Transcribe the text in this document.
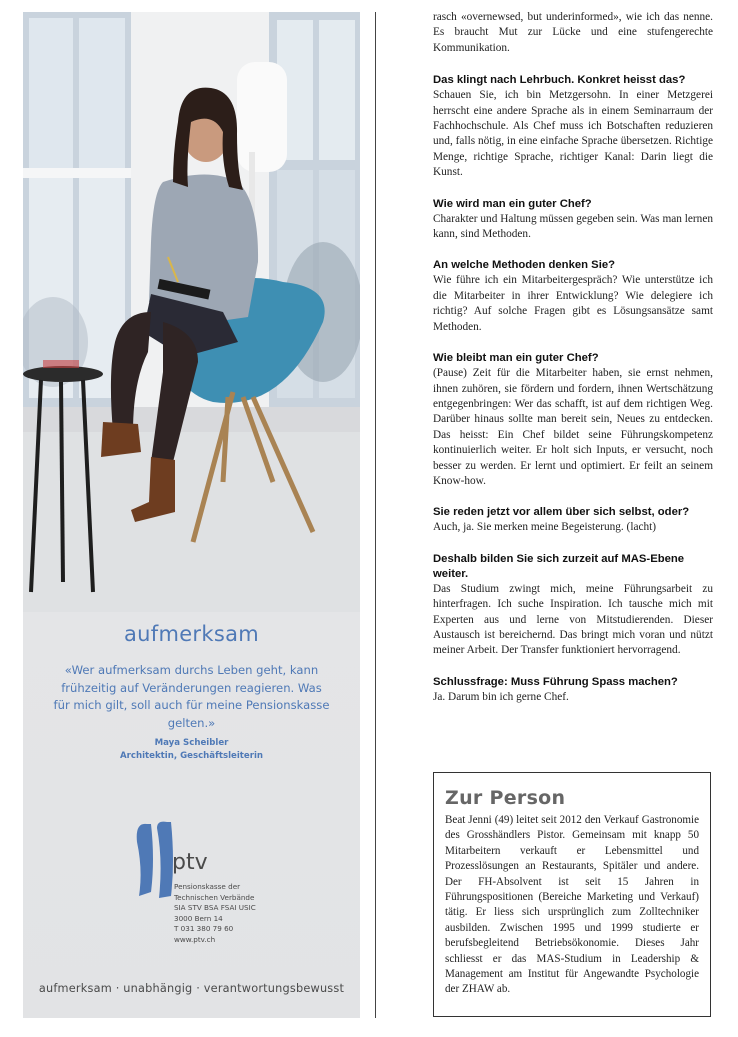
aufmerksam
«Wer aufmerksam durchs Leben geht, kann frühzeitig auf Veränderungen reagieren. Was für mich gilt, soll auch für meine Pensionskasse gelten.»
Maya Scheibler
Architektin, Geschäftsleiterin
ptv
Pensionskasse der
Technischen Verbände
SIA STV BSA FSAI USIC
3000 Bern 14
T 031 380 79 60
www.ptv.ch
aufmerksam · unabhängig · verantwortungsbewusst

rasch «overnewsed, but underinformed», wie ich das nenne. Es braucht Mut zur Lücke und eine stufengerechte Kommunikation.

Das klingt nach Lehrbuch. Konkret heisst das?

Schauen Sie, ich bin Metzgersohn. In einer Metzgerei herrscht eine andere Sprache als in einem Seminarraum der Fachhochschule. Als Chef muss ich Botschaften reduzieren und, falls nötig, in eine einfache Sprache übersetzen. Richtige Menge, richtige Sprache, richtiger Kanal: Darin liegt die Kunst.

Wie wird man ein guter Chef?

Charakter und Haltung müssen gegeben sein. Was man lernen kann, sind Methoden.

An welche Methoden denken Sie?

Wie führe ich ein Mitarbeitergespräch? Wie unterstütze ich die Mitarbeiter in ihrer Entwicklung? Wie delegiere ich richtig? Auf solche Fragen gibt es Lösungsansätze samt Methoden.

Wie bleibt man ein guter Chef?

(Pause) Zeit für die Mitarbeiter haben, sie ernst nehmen, ihnen zuhören, sie fördern und fordern, ihnen Wertschätzung entgegenbringen: Wer das schafft, ist auf dem richtigen Weg. Darüber hinaus sollte man bereit sein, Neues zu entdecken. Das heisst: Ein Chef bildet seine Führungskompetenz kontinuierlich weiter. Er holt sich Inputs, er versucht, noch besser zu werden. Er lernt und optimiert. Er feilt an seinem Know-how.

Sie reden jetzt vor allem über sich selbst, oder?

Auch, ja. Sie merken meine Begeisterung. (lacht)

Deshalb bilden Sie sich zurzeit auf MAS-Ebene weiter.

Das Studium zwingt mich, meine Führungsarbeit zu hinterfragen. Ich suche Inspiration. Ich tausche mich mit Experten aus und lerne von Mitstudierenden. Dieser Austausch ist bereichernd. Das bringt mich voran und nützt meiner Arbeit. Der Transfer funktioniert hervorragend.

Schlussfrage: Muss Führung Spass machen?

Ja. Darum bin ich gerne Chef.

Zur Person

Beat Jenni (49) leitet seit 2012 den Verkauf Gastronomie des Grosshändlers Pistor. Gemeinsam mit knapp 50 Mitarbeitern verkauft er Lebensmittel und Prozesslösungen an Restaurants, Spitäler und andere. Der FH-Absolvent ist seit 15 Jahren in Führungspositionen (Bereiche Marketing und Verkauf) tätig. Er liess sich ursprünglich zum Zolltechniker ausbilden. Zwischen 1995 und 1999 studierte er berufsbegleitend Betriebsökonomie. Dieses Jahr schliesst er das MAS-Studium in Leadership & Management am Institut für Angewandte Psychologie der ZHAW ab.
